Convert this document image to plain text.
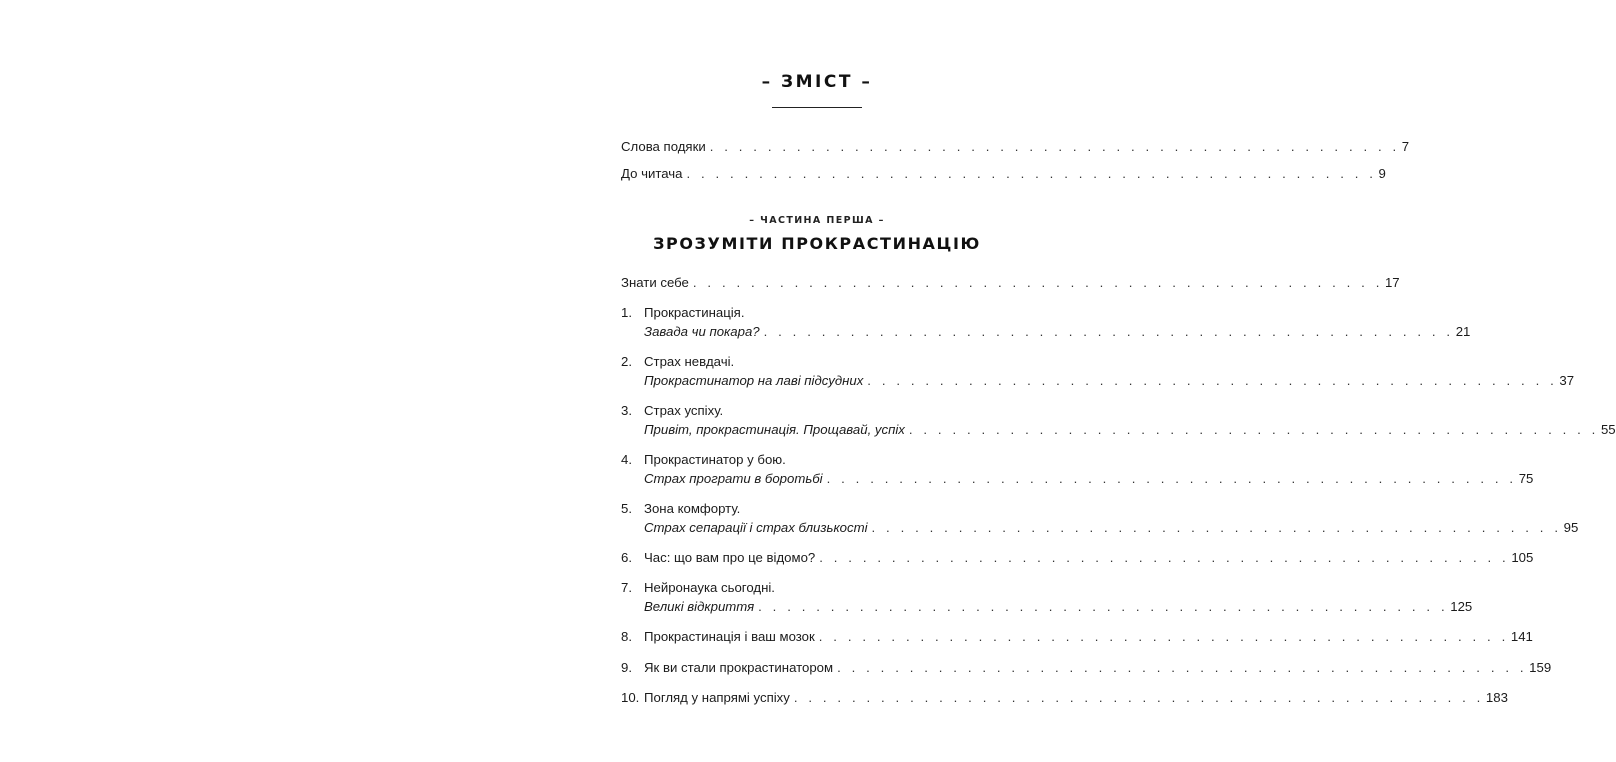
– ЗМІСТ –
Слова подяки . . . . . . . . . . . . . . . . . . . . . . . . . . . . . . . . . . . . . . . . . . . . . . . . 7
До читача . . . . . . . . . . . . . . . . . . . . . . . . . . . . . . . . . . . . . . . . . . . . . . . . 9
– ЧАСТИНА ПЕРША –
ЗРОЗУМІТИ ПРОКРАСТИНАЦІЮ
Знати себе . . . . . . . . . . . . . . . . . . . . . . . . . . . . . . . . . . . . . . . . . . . . . . . . 17
1. Прокрастинація.
Завада чи покара? . . . . . . . . . . . . . . . . . . . . . . . . . . . . . . . . . . . . . . . . . . . . . . . . 21
2. Страх невдачі.
Прокрастинатор на лаві підсудних . . . . . . . . . . . . . . . . . . . . . . . . . . . . . . . . . . . . . . . . . . . . . . . . 37
3. Страх успіху.
Привіт, прокрастинація. Прощавай, успіх . . . . . . . . . . . . . . . . . . . . . . . . . . . . . . . . . . . . . . . . . . . . . . . . 55
4. Прокрастинатор у бою.
Страх програти в боротьбі . . . . . . . . . . . . . . . . . . . . . . . . . . . . . . . . . . . . . . . . . . . . . . . . 75
5. Зона комфорту.
Страх сепарації і страх близькості . . . . . . . . . . . . . . . . . . . . . . . . . . . . . . . . . . . . . . . . . . . . . . . . 95
6. Час: що вам про це відомо? . . . . . . . . . . . . . . . . . . . . . . . . . . . . . . . . . . . . . . . . . . . . . . . . 105
7. Нейронаука сьогодні.
Великі відкриття . . . . . . . . . . . . . . . . . . . . . . . . . . . . . . . . . . . . . . . . . . . . . . . . 125
8. Прокрастинація і ваш мозок . . . . . . . . . . . . . . . . . . . . . . . . . . . . . . . . . . . . . . . . . . . . . . . . 141
9. Як ви стали прокрастинатором . . . . . . . . . . . . . . . . . . . . . . . . . . . . . . . . . . . . . . . . . . . . . . . . 159
10. Погляд у напрямі успіху . . . . . . . . . . . . . . . . . . . . . . . . . . . . . . . . . . . . . . . . . . . . . . . . 183
